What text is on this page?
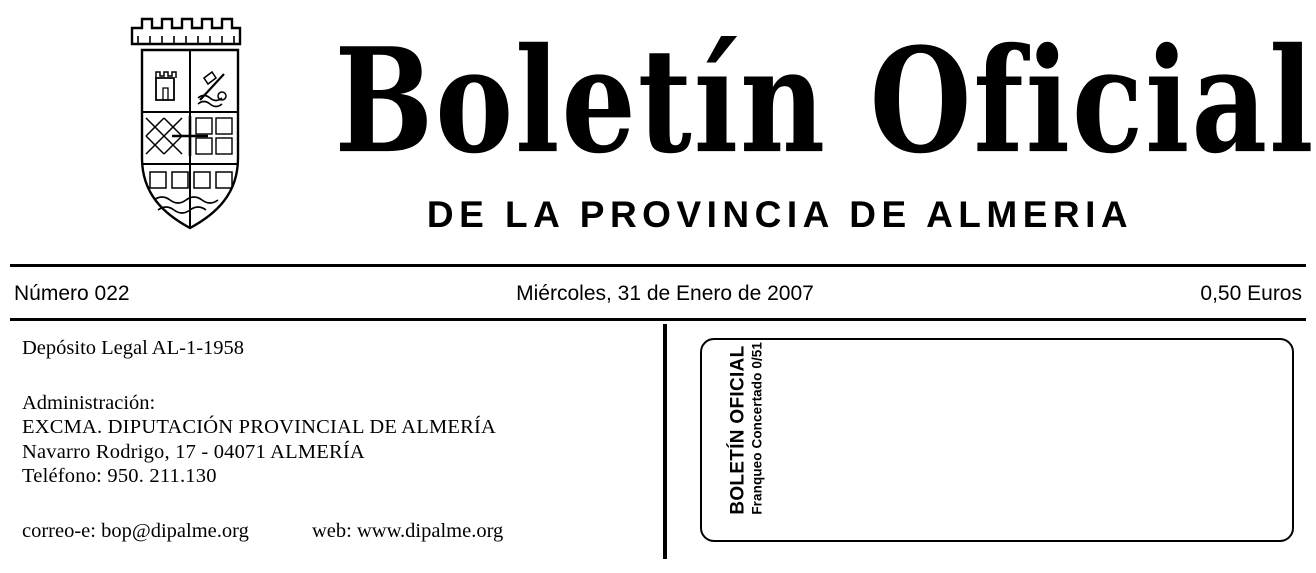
Boletín Oficial
DE LA PROVINCIA DE ALMERIA
Número 022	Miércoles, 31 de Enero de 2007	0,50 Euros
Depósito Legal AL-1-1958
Administración:
EXCMA. DIPUTACIÓN PROVINCIAL DE ALMERÍA
Navarro Rodrigo, 17 - 04071 ALMERÍA
Teléfono: 950. 211.130
correo-e: bop@dipalme.org	web: www.dipalme.org
BOLETÍN OFICIAL Franqueo Concertado 0/51
